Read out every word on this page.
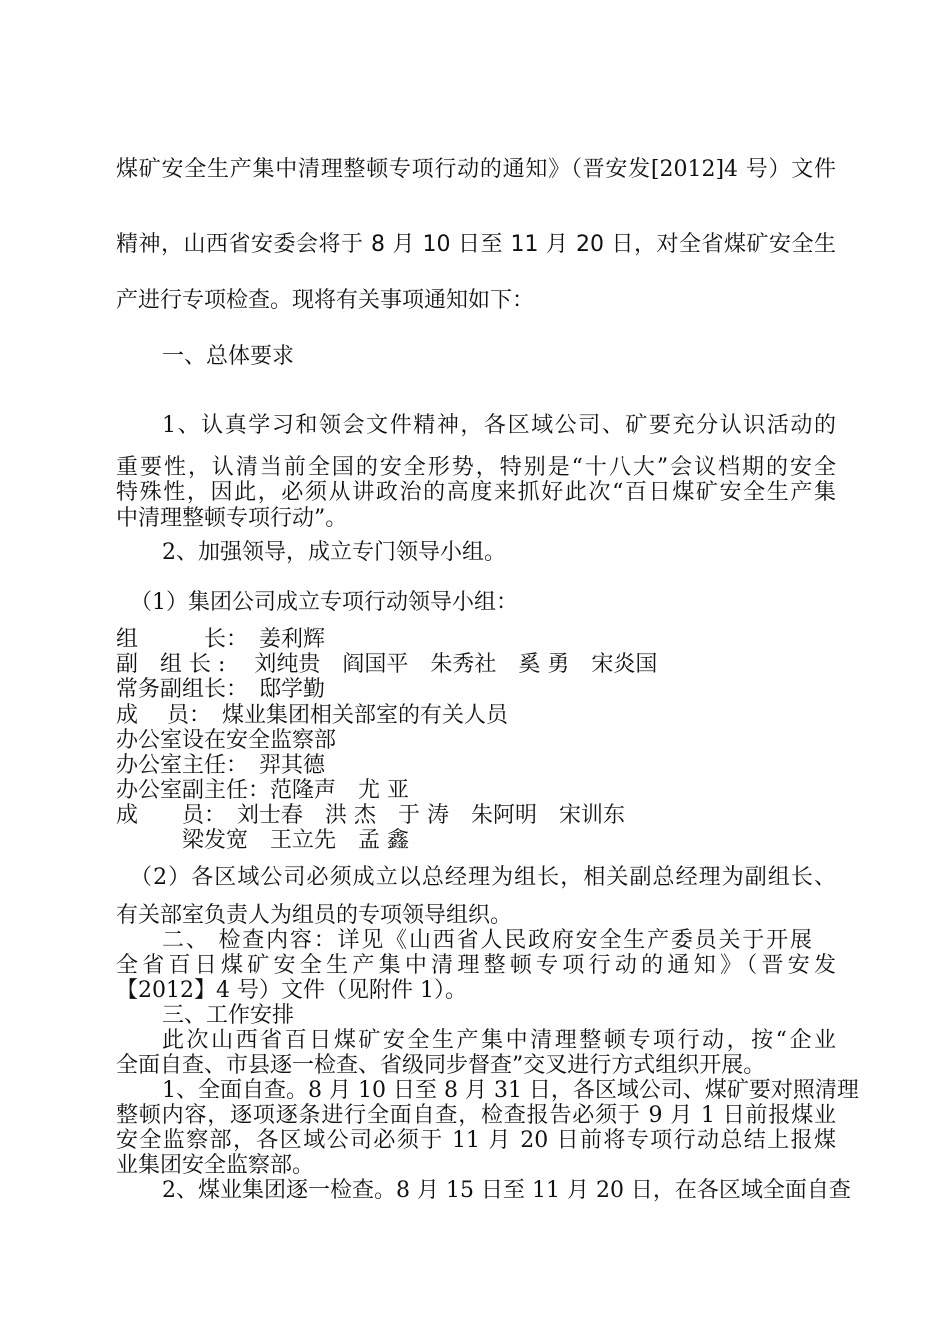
煤矿安全生产集中清理整顿专项行动的通知》（晋安发[2012]4 号）文件
精神，山西省安委会将于 8 月 10 日至 11 月 20 日，对全省煤矿安全生
产进行专项检查。现将有关事项通知如下：
一、总体要求
1、认真学习和领会文件精神，各区域公司、矿要充分认识活动的
重要性，认清当前全国的安全形势，特别是“十八大”会议档期的安全
特殊性，因此，必须从讲政治的高度来抓好此次“百日煤矿安全生产集
中清理整顿专项行动”。
2、加强领导，成立专门领导小组。
（1）集团公司成立专项行动领导小组：
组　　　长：　姜利辉
副　组 长 :　 刘纯贵　阎国平　朱秀社　奚 勇　宋炎国
常务副组长：　邸学勤
成　 员：　煤业集团相关部室的有关人员
办公室设在安全监察部
办公室主任：　羿其德
办公室副主任：范隆声　尤 亚
成　　员：　刘士春　洪 杰　于 涛　朱阿明　宋训东
　　　梁发宽　王立先　孟 鑫
（2）各区域公司必须成立以总经理为组长，相关副总经理为副组长、
有关部室负责人为组员的专项领导组织。
二、 检查内容：详见《山西省人民政府安全生产委员关于开展
全省百日煤矿安全生产集中清理整顿专项行动的通知》（晋安发
【2012】4 号）文件（见附件 1）。
三、工作安排
此次山西省百日煤矿安全生产集中清理整顿专项行动，按“企业
全面自查、市县逐一检查、省级同步督查”交叉进行方式组织开展。
1、全面自查。8 月 10 日至 8 月 31 日，各区域公司、煤矿要对照清理
整顿内容，逐项逐条进行全面自查，检查报告必须于 9 月 1 日前报煤业
安全监察部，各区域公司必须于 11 月 20 日前将专项行动总结上报煤
业集团安全监察部。
2、煤业集团逐一检查。8 月 15 日至 11 月 20 日，在各区域全面自查
